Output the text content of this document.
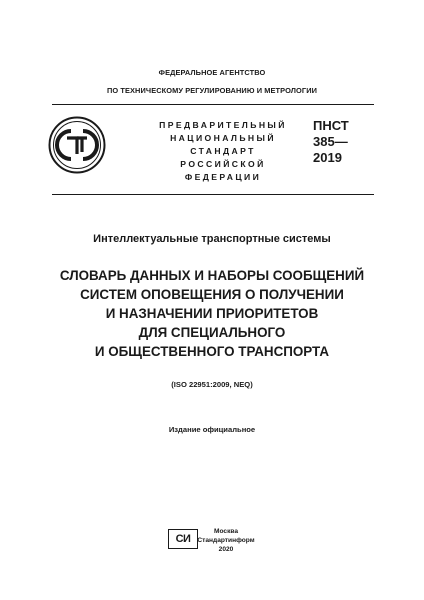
ФЕДЕРАЛЬНОЕ АГЕНТСТВО
ПО ТЕХНИЧЕСКОМУ РЕГУЛИРОВАНИЮ И МЕТРОЛОГИИ
ПРЕДВАРИТЕЛЬНЫЙ
НАЦИОНАЛЬНЫЙ
СТАНДАРТ
РОССИЙСКОЙ
ФЕДЕРАЦИИ
ПНСТ
385—
2019
Интеллектуальные транспортные системы
СЛОВАРЬ ДАННЫХ И НАБОРЫ СООБЩЕНИЙ
СИСТЕМ ОПОВЕЩЕНИЯ О ПОЛУЧЕНИИ
И НАЗНАЧЕНИИ ПРИОРИТЕТОВ
ДЛЯ СПЕЦИАЛЬНОГО
И ОБЩЕСТВЕННОГО ТРАНСПОРТА
(ISO 22951:2009, NEQ)
Издание официальное
СИ
Москва
Стандартинформ
2020
